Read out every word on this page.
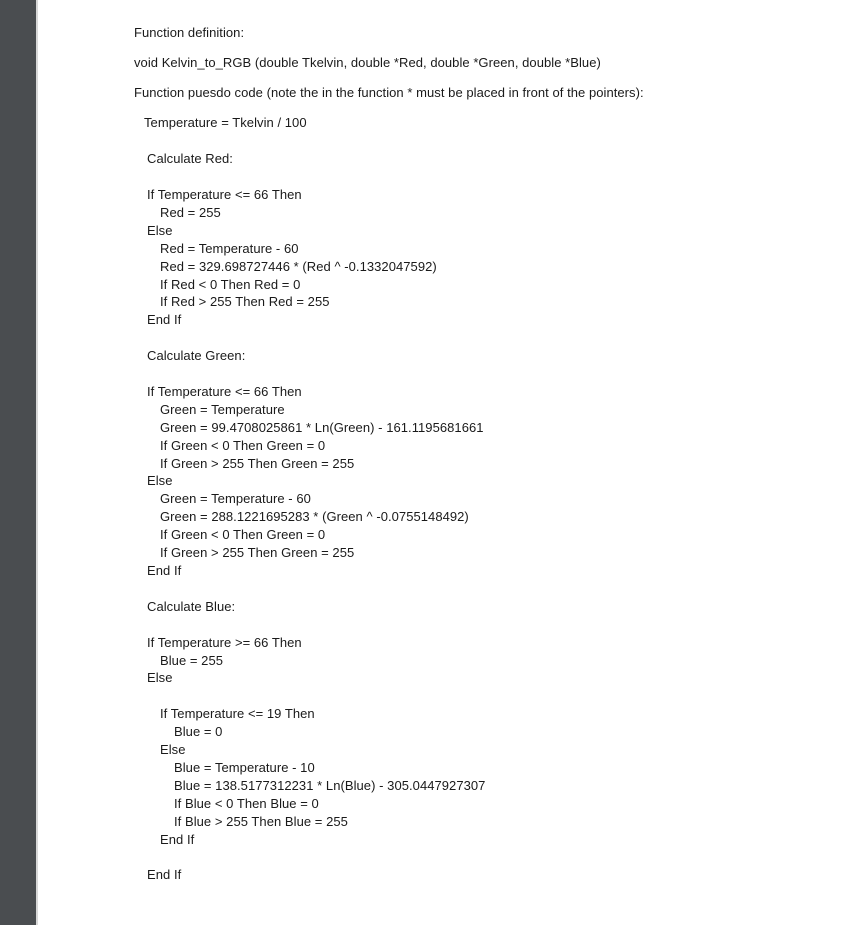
Function definition:
void Kelvin_to_RGB (double Tkelvin, double *Red, double *Green, double *Blue)
Function puesdo code (note the in the function * must be placed in front of the pointers):
Temperature = Tkelvin / 100
Calculate Red:
If Temperature <= 66 Then
Red = 255
Else
Red = Temperature - 60
Red = 329.698727446 * (Red ^ -0.1332047592)
If Red < 0 Then Red = 0
If Red > 255 Then Red = 255
End If
Calculate Green:
If Temperature <= 66 Then
Green = Temperature
Green = 99.4708025861 * Ln(Green) - 161.1195681661
If Green < 0 Then Green = 0
If Green > 255 Then Green = 255
Else
Green = Temperature - 60
Green = 288.1221695283 * (Green ^ -0.0755148492)
If Green < 0 Then Green = 0
If Green > 255 Then Green = 255
End If
Calculate Blue:
If Temperature >= 66 Then
Blue = 255
Else
If Temperature <= 19 Then
Blue = 0
Else
Blue = Temperature - 10
Blue = 138.5177312231 * Ln(Blue) - 305.0447927307
If Blue < 0 Then Blue = 0
If Blue > 255 Then Blue = 255
End If
End If
